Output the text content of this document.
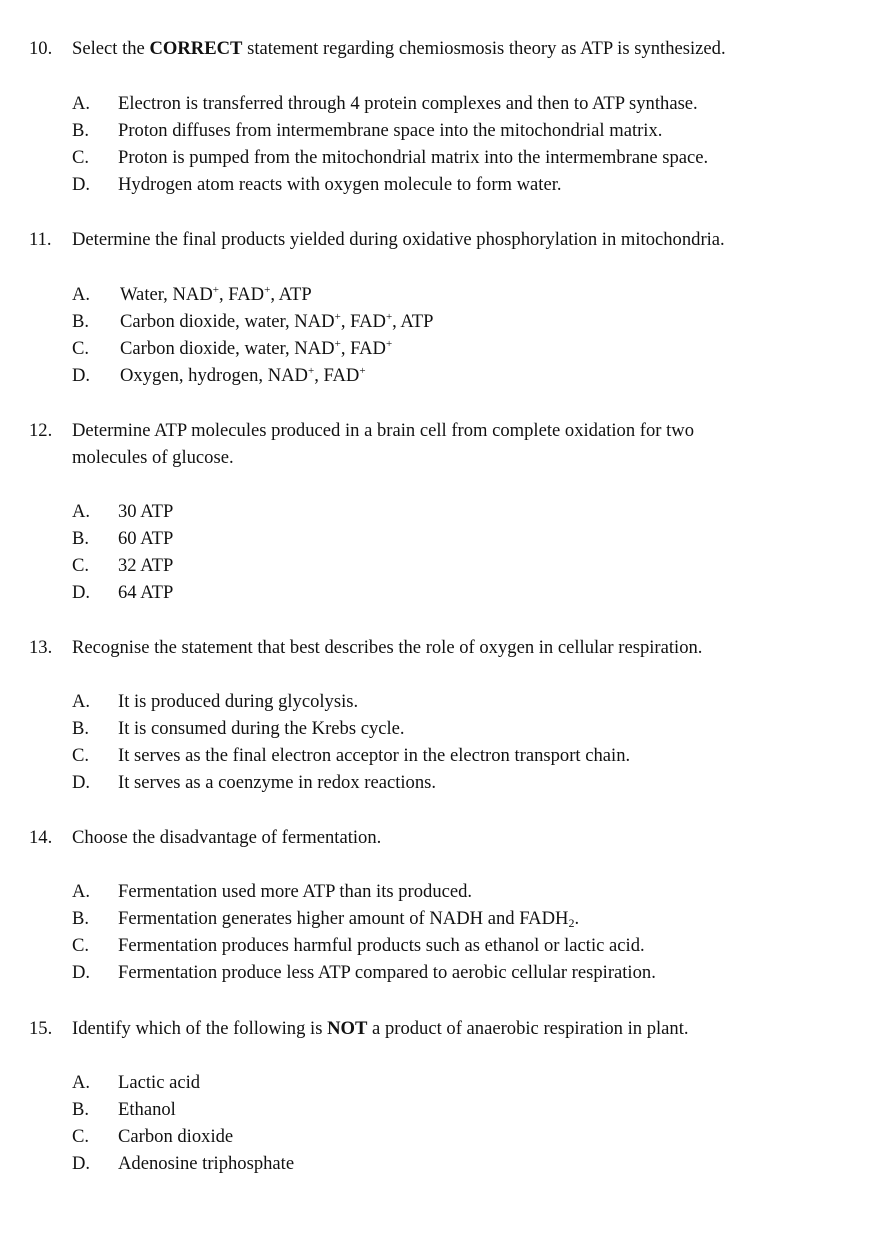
10. Select the CORRECT statement regarding chemiosmosis theory as ATP is synthesized.
A. Electron is transferred through 4 protein complexes and then to ATP synthase.
B. Proton diffuses from intermembrane space into the mitochondrial matrix.
C. Proton is pumped from the mitochondrial matrix into the intermembrane space.
D. Hydrogen atom reacts with oxygen molecule to form water.
11. Determine the final products yielded during oxidative phosphorylation in mitochondria.
A. Water, NAD+, FAD+, ATP
B. Carbon dioxide, water, NAD+, FAD+, ATP
C. Carbon dioxide, water, NAD+, FAD+
D. Oxygen, hydrogen, NAD+, FAD+
12. Determine ATP molecules produced in a brain cell from complete oxidation for two
molecules of glucose.
A. 30 ATP
B. 60 ATP
C. 32 ATP
D. 64 ATP
13. Recognise the statement that best describes the role of oxygen in cellular respiration.
A. It is produced during glycolysis.
B. It is consumed during the Krebs cycle.
C. It serves as the final electron acceptor in the electron transport chain.
D. It serves as a coenzyme in redox reactions.
14. Choose the disadvantage of fermentation.
A. Fermentation used more ATP than its produced.
B. Fermentation generates higher amount of NADH and $FADH_2$.
C. Fermentation produces harmful products such as ethanol or lactic acid.
D. Fermentation produce less ATP compared to aerobic cellular respiration.
15. Identify which of the following is NOT a product of anaerobic respiration in plant.
A. Lactic acid
B. Ethanol
C. Carbon dioxide
D. Adenosine triphosphate
